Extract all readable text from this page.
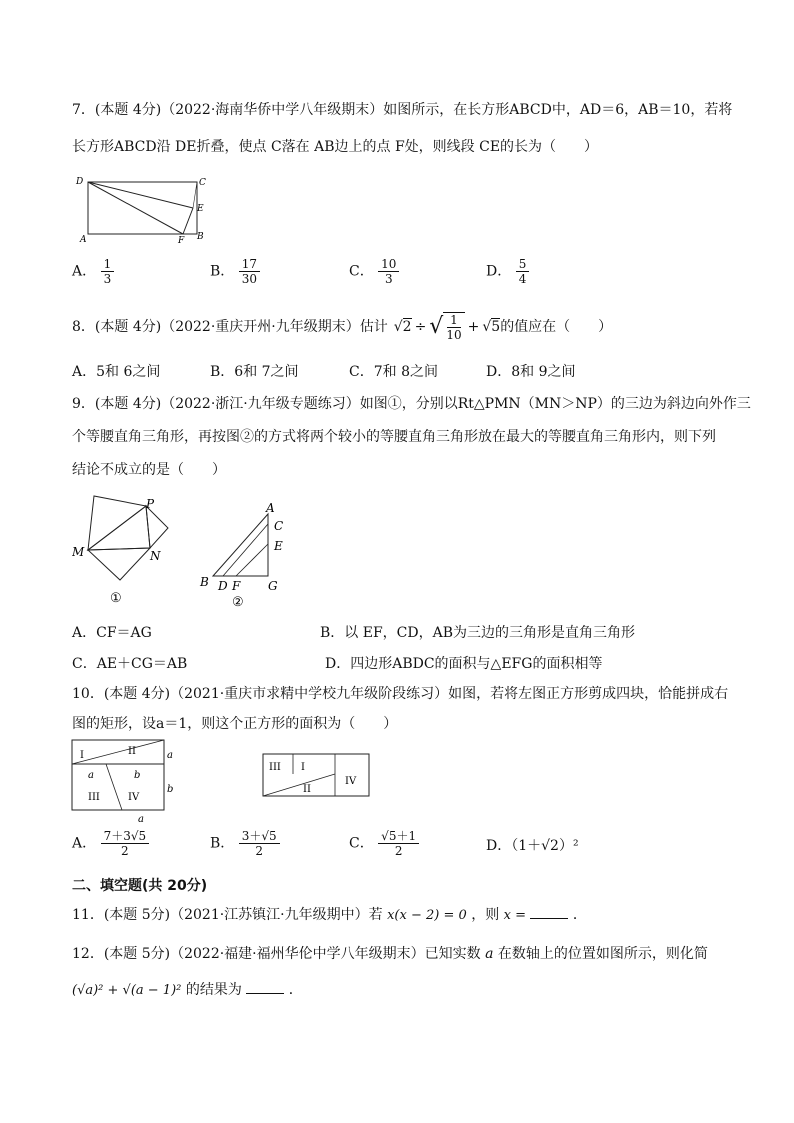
7．(本题 4分)（2022·海南华侨中学八年级期末）如图所示，在长方形ABCD中，AD＝6，AB＝10，若将
长方形ABCD沿 DE折叠，使点 C落在 AB边上的点 F处，则线段 CE的长为（　　）
D	C
E
A	F B
A． $\frac{1}{3}$	B． $\frac{17}{30}$	C． $\frac{10}{3}$	D． $\frac{5}{4}$
8．(本题 4分)（2022·重庆开州·九年级期末）估计 √2 ÷ √ $\frac{1}{10} + √5$ 的值应在（　　）
A．5和 6之间	B．6和 7之间	C．7和 8之间	D．8和 9之间
9．(本题 4分)（2022·浙江·九年级专题练习）如图①，分别以Rt△PMN（MN＞NP）的三边为斜边向外作三
个等腰直角三角形，再按图②的方式将两个较小的等腰直角三角形放在最大的等腰直角三角形内，则下列
结论不成立的是（　　）
P
M	N
①
A
C
E
B D F G
②
A．CF＝AG	B．以 EF，CD，AB为三边的三角形是直角三角形
C．AE＋CG＝AB	D．四边形ABDC的面积与△EFG的面积相等
10．(本题 4分)（2021·重庆市求精中学校九年级阶段练习）如图，若将左图正方形剪成四块，恰能拼成右
图的矩形，设a＝1，则这个正方形的面积为（　　）
I	II	a
a	b
III	IV
b
a
III I
II
IV
A． $\frac{7+3√5}{2}$	B． $\frac{3+√5}{2}$	C． $\frac{√5+1}{2}$	D．（1＋√2）²
二、填空题(共 20分)
11．(本题 5分)（2021·江苏镇江·九年级期中）若 x(x − 2) = 0 ，则 x =	．
12．(本题 5分)（2022·福建·福州华伦中学八年级期末）已知实数 a 在数轴上的位置如图所示，则化简
(√a)² + √(a − 1)² 的结果为	．
